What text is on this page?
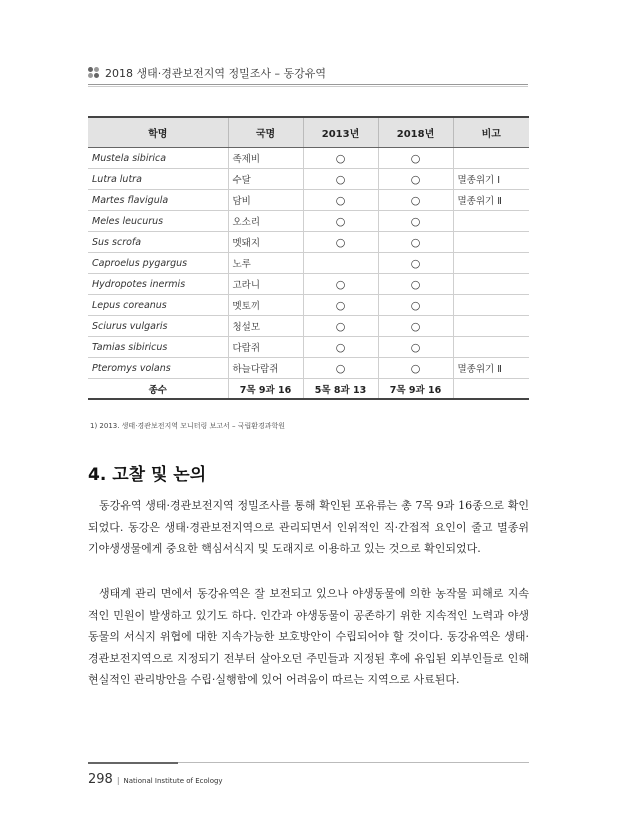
2018 생태·경관보전지역 정밀조사 – 동강유역
학명	국명	2013년	2018년	비고
Mustela sibirica	족제비	○	○	
Lutra lutra	수달	○	○	멸종위기 Ⅰ
Martes flavigula	담비	○	○	멸종위기 Ⅱ
Meles leucurus	오소리	○	○	
Sus scrofa	멧돼지	○	○	
Caproelus pygargus	노루		○	
Hydropotes inermis	고라니	○	○	
Lepus coreanus	멧토끼	○	○	
Sciurus vulgaris	청설모	○	○	
Tamias sibiricus	다람쥐	○	○	
Pteromys volans	하늘다람쥐	○	○	멸종위기 Ⅱ
종수	7목 9과 16	5목 8과 13	7목 9과 16	
1) 2013. 생태·경관보전지역 모니터링 보고서 – 국립환경과학원
4. 고찰 및 논의

동강유역 생태·경관보전지역 정밀조사를 통해 확인된 포유류는 총 7목 9과 16종으로 확인되었다. 동강은 생태·경관보전지역으로 관리되면서 인위적인 직·간접적 요인이 줄고 멸종위기야생생물에게 중요한 핵심서식지 및 도래지로 이용하고 있는 것으로 확인되었다.

생태계 관리 면에서 동강유역은 잘 보전되고 있으나 야생동물에 의한 농작물 피해로 지속적인 민원이 발생하고 있기도 하다. 인간과 야생동물이 공존하기 위한 지속적인 노력과 야생동물의 서식지 위협에 대한 지속가능한 보호방안이 수립되어야 할 것이다. 동강유역은 생태·경관보전지역으로 지정되기 전부터 살아오던 주민들과 지정된 후에 유입된 외부인들로 인해 현실적인 관리방안을 수립·실행함에 있어 어려움이 따르는 지역으로 사료된다.

298 | National Institute of Ecology
